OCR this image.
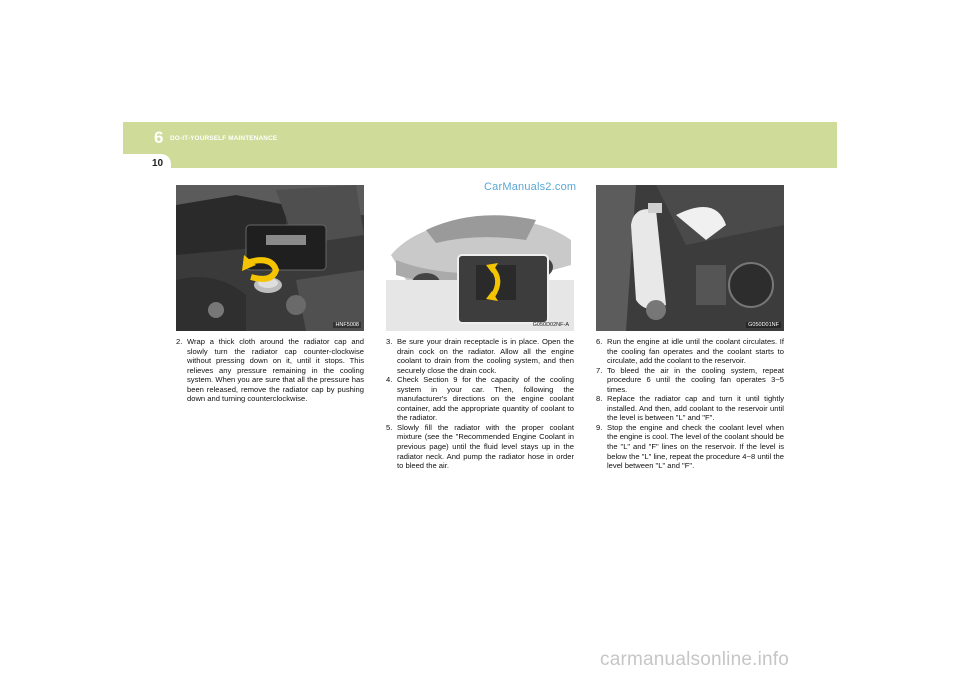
6 DO-IT-YOURSELF MAINTENANCE
10
HNF5008	G050D02NF-A	G050D01NF
CarManuals2.com

2. Wrap a thick cloth around the radiator cap and slowly turn the radiator cap counter-clockwise without pressing down on it, until it stops. This relieves any pressure remaining in the cooling system. When you are sure that all the pressure has been released, remove the radiator cap by pushing down and turning counterclockwise.

3. Be sure your drain receptacle is in place. Open the drain cock on the radiator. Allow all the engine coolant to drain from the cooling system, and then securely close the drain cock.

4. Check Section 9 for the capacity of the cooling system in your car. Then, following the manufacturer's directions on the engine coolant container, add the appropriate quantity of coolant to the radiator.

5. Slowly fill the radiator with the proper coolant mixture (see the "Recommended Engine Coolant in previous page) until the fluid level stays up in the radiator neck. And pump the radiator hose in order to bleed the air.

6. Run the engine at idle until the coolant circulates. If the cooling fan operates and the coolant starts to circulate, add the coolant to the reservoir.

7. To bleed the air in the cooling system, repeat procedure 6 until the cooling fan operates 3~5 times.

8. Replace the radiator cap and turn it until tightly installed. And then, add coolant to the reservoir until the level is between "L" and "F".

9. Stop the engine and check the coolant level when the engine is cool. The level of the coolant should be the "L" and "F" lines on the reservoir. If the level is below the "L" line, repeat the procedure 4~8 until the level between "L" and "F".

carmanualsonline.info
